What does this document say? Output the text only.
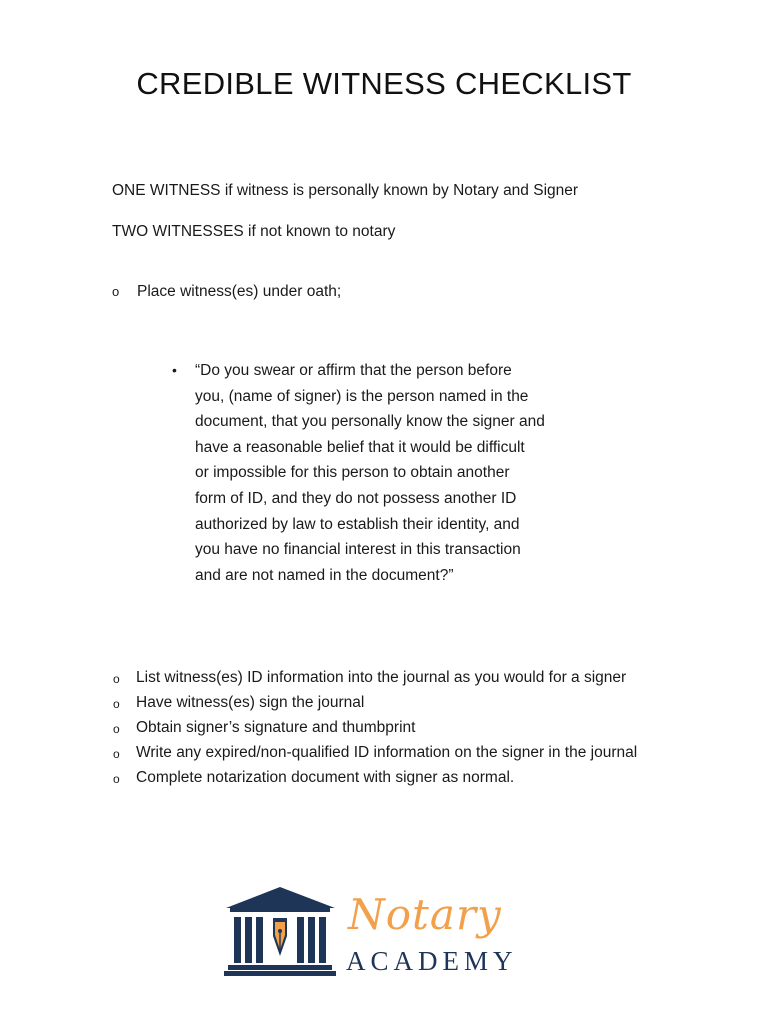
CREDIBLE WITNESS CHECKLIST
ONE WITNESS if witness is personally known by Notary and Signer
TWO WITNESSES if not known to notary
o Place witness(es) under oath;
• “Do you swear or affirm that the person before
you, (name of signer) is the person named in the
document, that you personally know the signer and
have a reasonable belief that it would be difficult
or impossible for this person to obtain another
form of ID, and they do not possess another ID
authorized by law to establish their identity, and
you have no financial interest in this transaction
and are not named in the document?”
o List witness(es) ID information into the journal as you would for a signer
o Have witness(es) sign the journal
o Obtain signer’s signature and thumbprint
o Write any expired/non-qualified ID information on the signer in the journal
o Complete notarization document with signer as normal.
Notary
ACADEMY
